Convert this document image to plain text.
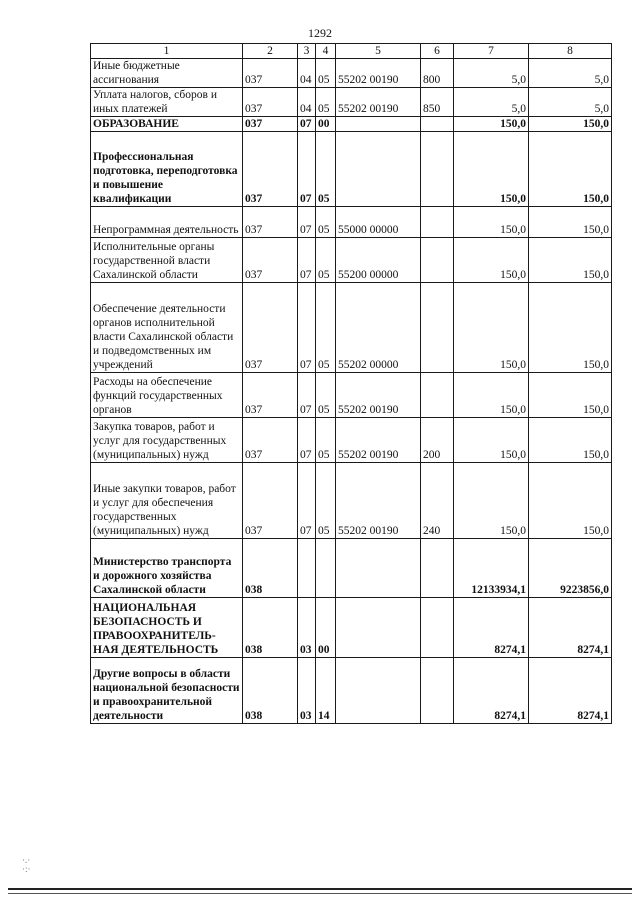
1292
1	2	3	4	5	6	7	8
Иные бюджетные ассигнования	037	04	05	55202 00190	800	5,0	5,0
Уплата налогов, сборов и иных платежей	037	04	05	55202 00190	850	5,0	5,0
ОБРАЗОВАНИЕ	037	07	00			150,0	150,0
Профессиональная подготовка, переподготовка и повышение квалификации	037	07	05			150,0	150,0
Непрограммная деятельность	037	07	05	55000 00000		150,0	150,0
Исполнительные органы государственной власти Сахалинской области	037	07	05	55200 00000		150,0	150,0
Обеспечение деятельности органов исполнительной власти Сахалинской области и подведомственных им учреждений	037	07	05	55202 00000		150,0	150,0
Расходы на обеспечение функций государственных органов	037	07	05	55202 00190		150,0	150,0
Закупка товаров, работ и услуг для государственных (муниципальных) нужд	037	07	05	55202 00190	200	150,0	150,0
Иные закупки товаров, работ и услуг для обеспечения государственных (муниципальных) нужд	037	07	05	55202 00190	240	150,0	150,0
Министерство транспорта и дорожного хозяйства Сахалинской области	038					12133934,1	9223856,0
НАЦИОНАЛЬНАЯ БЕЗОПАСНОСТЬ И ПРАВООХРАНИТЕЛЬ-НАЯ ДЕЯТЕЛЬНОСТЬ	038	03	00			8274,1	8274,1
Другие вопросы в области национальной безопасности и правоохранительной деятельности	038	03	14			8274,1	8274,1
·.·
·:·
